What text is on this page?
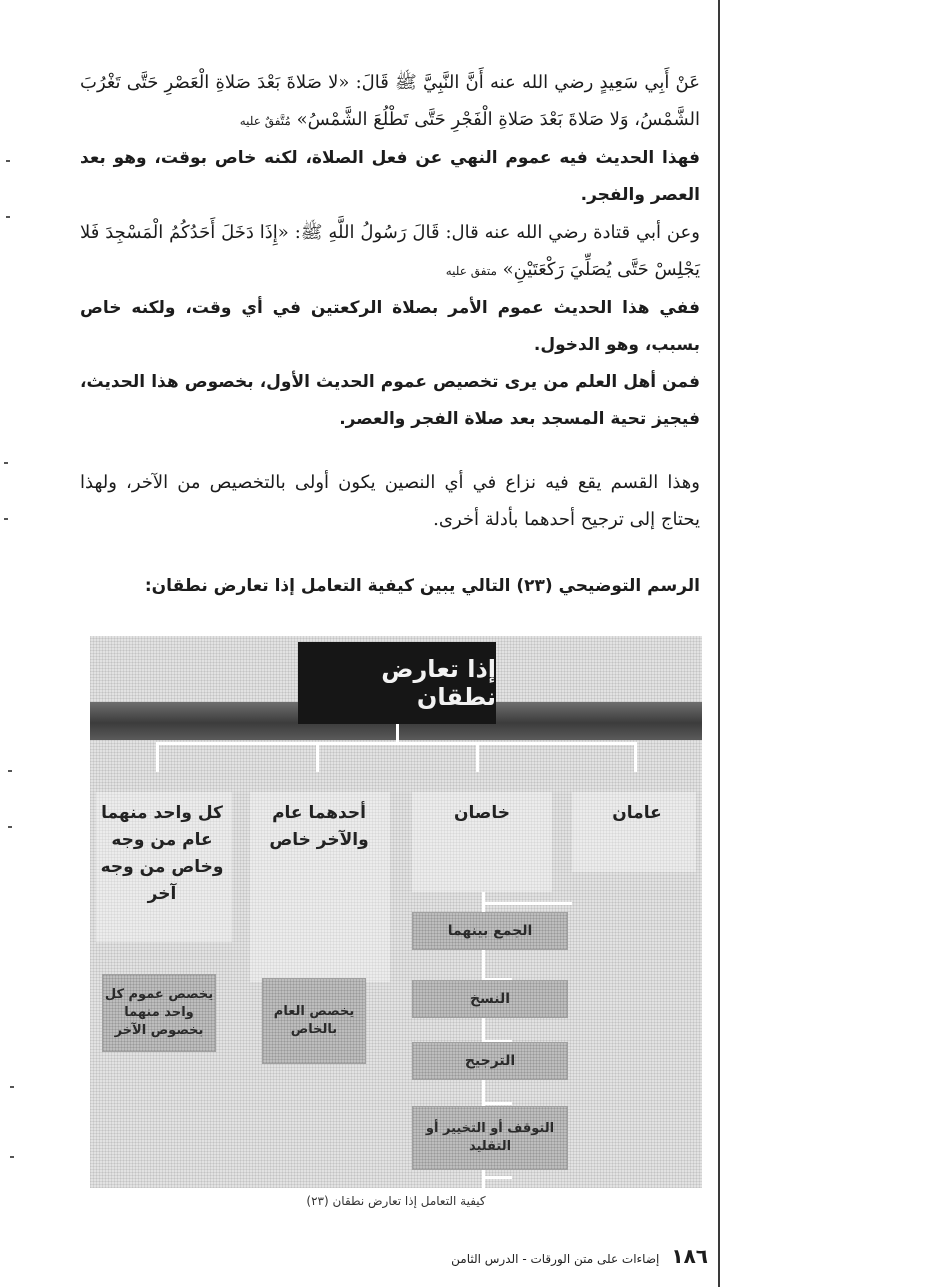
عَنْ أَبِي سَعِيدٍ رضي الله عنه أَنَّ النَّبِيَّ ﷺ قَالَ: «لا صَلاةَ بَعْدَ صَلاةِ الْعَصْرِ حَتَّى تَغْرُبَ الشَّمْسُ، وَلا صَلاةَ بَعْدَ صَلاةِ الْفَجْرِ حَتَّى تَطْلُعَ الشَّمْسُ» مُتَّفقٌ عليه

فهذا الحديث فيه عموم النهي عن فعل الصلاة، لكنه خاص بوقت، وهو بعد العصر والفجر.

وعن أبي قتادة رضي الله عنه قال: قَالَ رَسُولُ اللَّهِ ﷺ: «إِذَا دَخَلَ أَحَدُكُمُ الْمَسْجِدَ فَلا يَجْلِسْ حَتَّى يُصَلِّيَ رَكْعَتَيْنِ» متفق عليه

ففي هذا الحديث عموم الأمر بصلاة الركعتين في أي وقت، ولكنه خاص بسبب، وهو الدخول.

فمن أهل العلم من يرى تخصيص عموم الحديث الأول، بخصوص هذا الحديث، فيجيز تحية المسجد بعد صلاة الفجر والعصر.

وهذا القسم يقع فيه نزاع في أي النصين يكون أولى بالتخصيص من الآخر، ولهذا يحتاج إلى ترجيح أحدهما بأدلة أخرى.

الرسم التوضيحي (٢٣) التالي يبين كيفية التعامل إذا تعارض نطقان:

إذا تعارض نطقان
عامان
خاصان
أحدهما عام والآخر خاص
كل واحد منهما عام من وجه وخاص من وجه آخر
الجمع بينهما
النسخ
الترجيح
التوقف أو التخيير أو التقليد
يخصص العام بالخاص
يخصص عموم كل واحد منهما بخصوص الآخر
كيفية التعامل إذا تعارض نطقان (٢٣)
١٨٦
إضاءات على متن الورقات - الدرس الثامن
